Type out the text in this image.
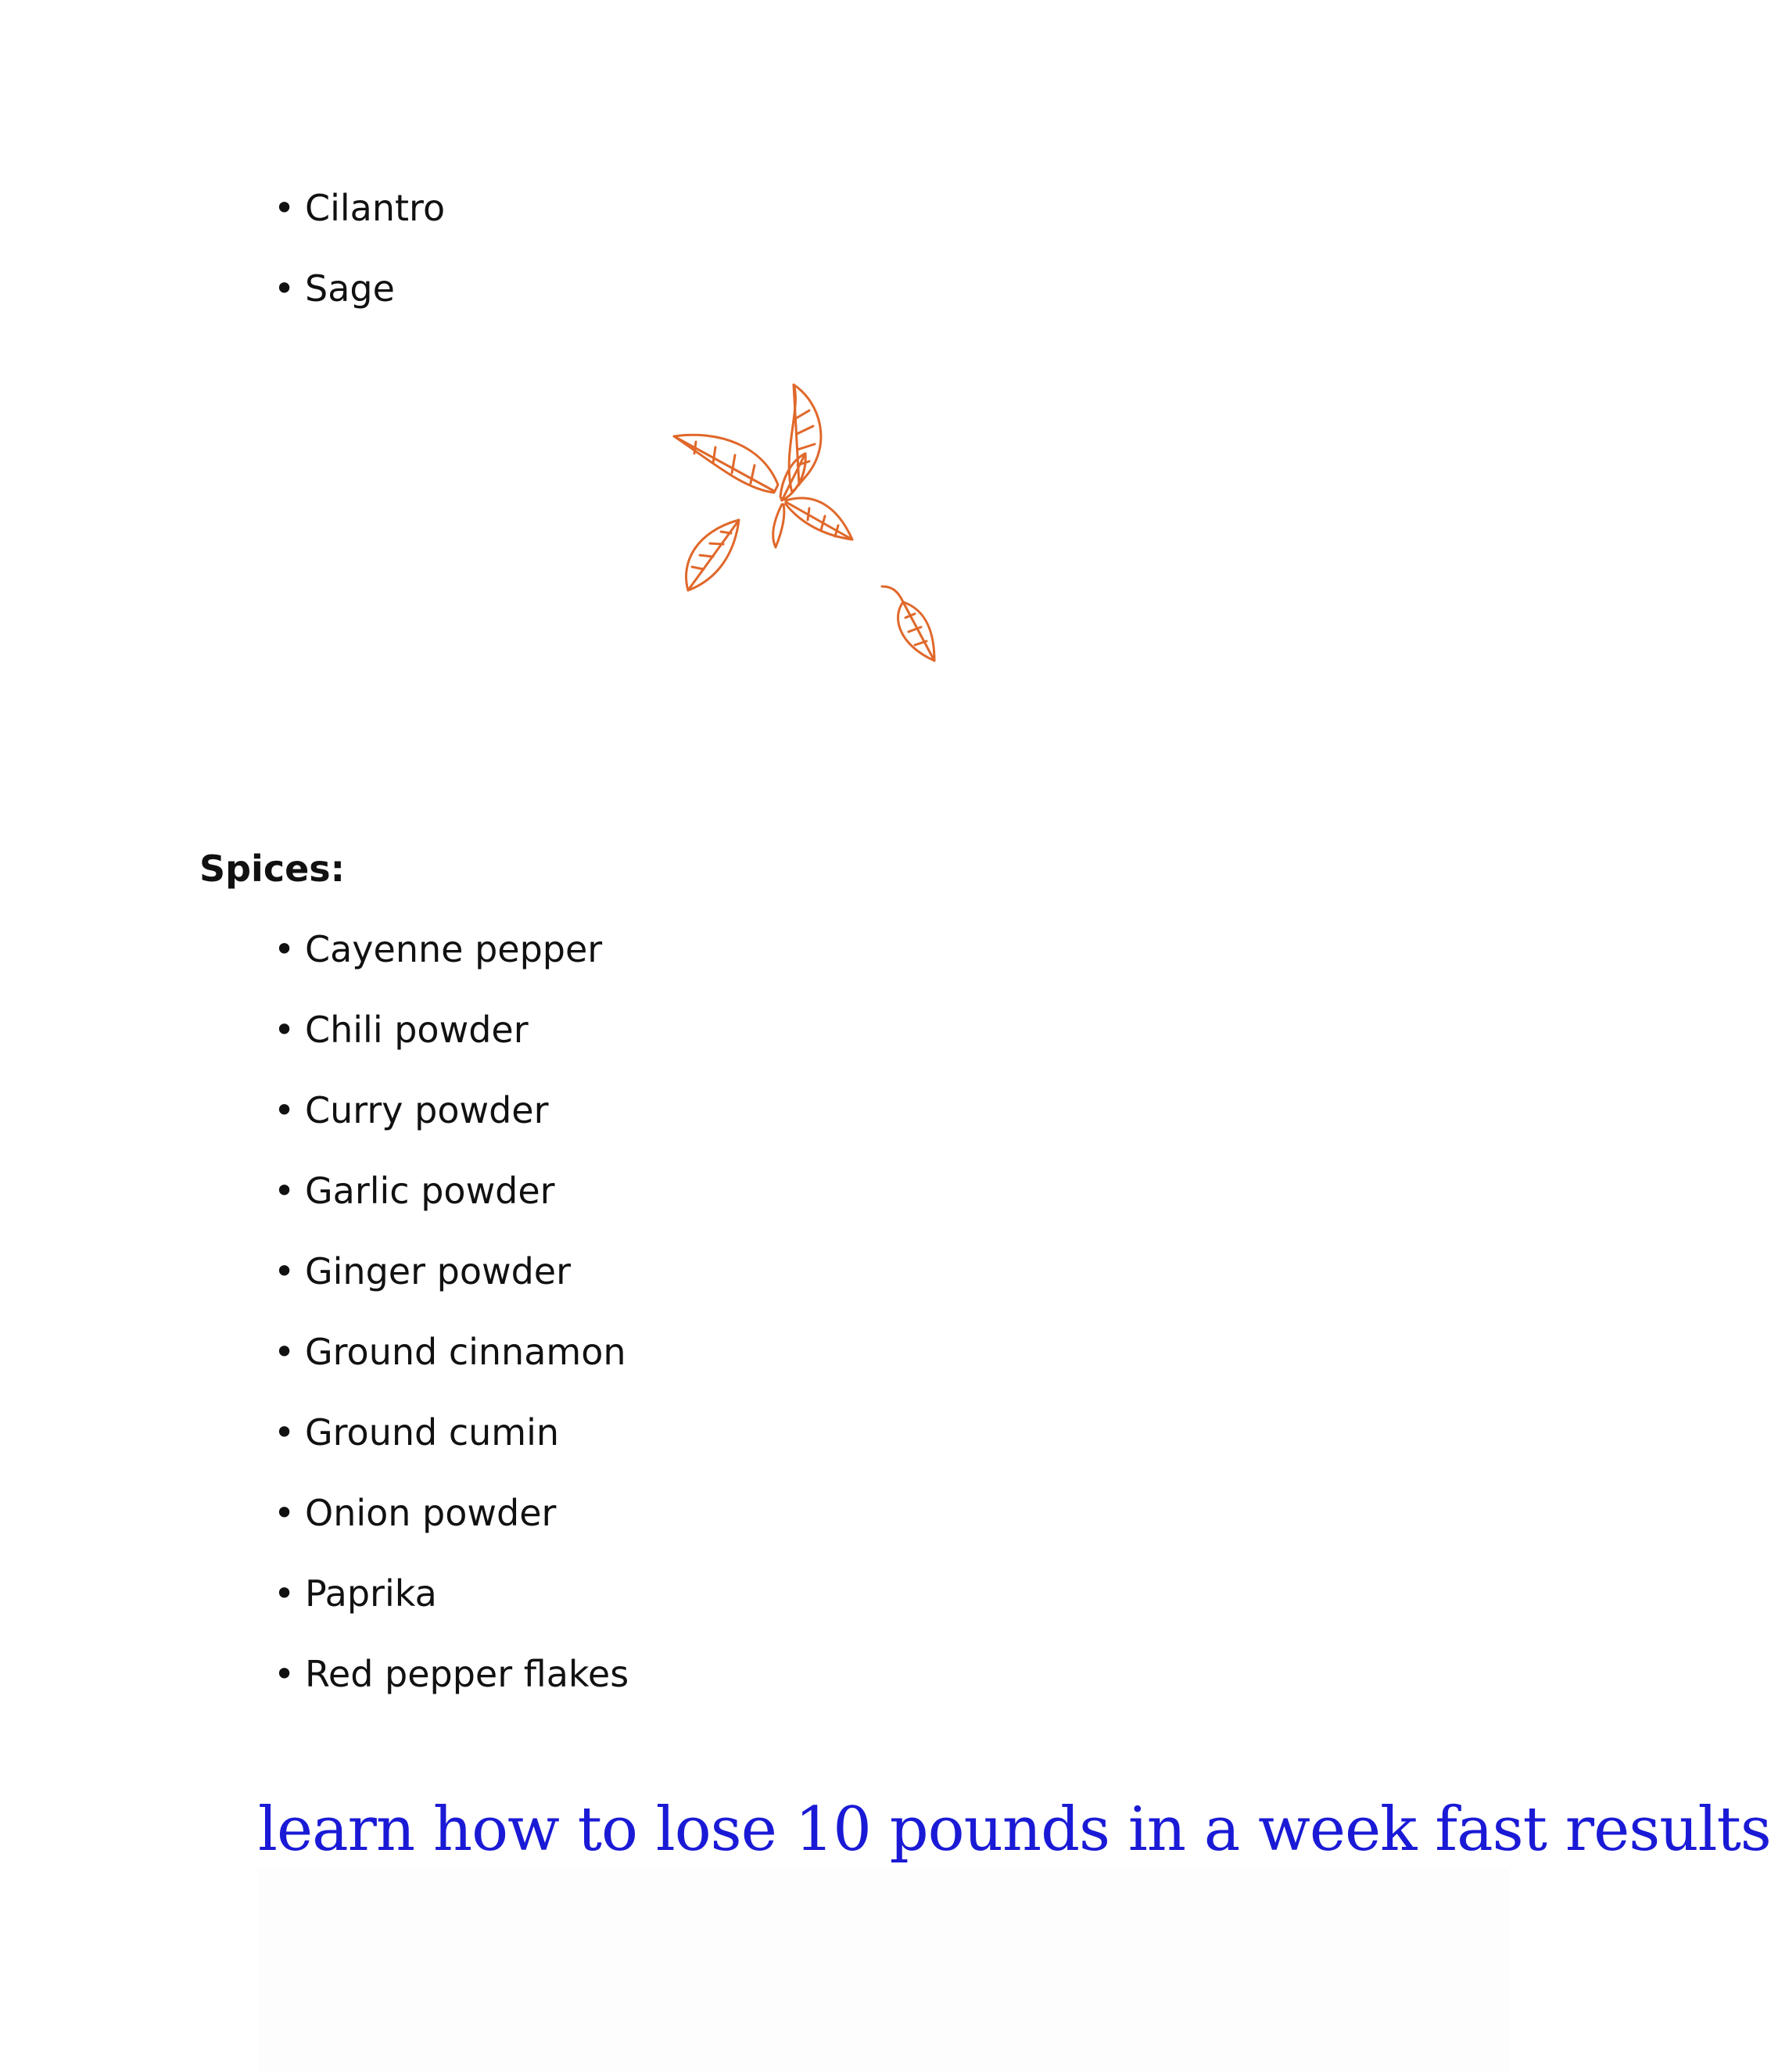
• Cilantro
• Sage
Spices:
• Cayenne pepper
• Chili powder
• Curry powder
• Garlic powder
• Ginger powder
• Ground cinnamon
• Ground cumin
• Onion powder
• Paprika
• Red pepper flakes
learn how to lose 10 pounds in a week fast results
